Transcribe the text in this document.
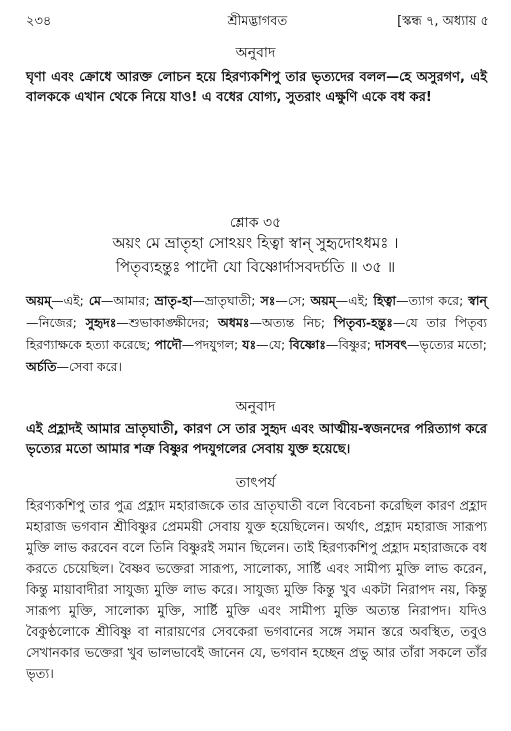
২৩৪	শ্রীমদ্ভাগবত	[স্কন্ধ ৭, অধ্যায় ৫
অনুবাদ
ঘৃণা এবং ক্রোধে আরক্ত লোচন হয়ে হিরণ্যকশিপু তার ভৃত্যদের বলল—হে অসুরগণ, এই বালককে এখান থেকে নিয়ে যাও! এ বধের যোগ্য, সুতরাং এক্ষুণি একে বধ কর!
শ্লোক ৩৫
অয়ং মে ভ্রাতৃহা সোঽয়ং হিত্বা স্বান্ সুহৃদোঽধমঃ ।
পিতৃব্যহন্তুঃ পাদৌ যো বিষ্ণোর্দাসবদর্চতি ॥ ৩৫ ॥
অয়ম্—এই; মে—আমার; ভ্রাতৃ-হা—ভ্রাতৃঘাতী; সঃ—সে; অয়ম্—এই; হিত্বা—ত্যাগ করে; স্বান্—নিজের; সুহৃদঃ—শুভাকাঙ্ক্ষীদের; অধমঃ—অত্যন্ত নিচ; পিতৃব্য-হন্তুঃ—যে তার পিতৃব্য হিরণ্যাক্ষকে হত্যা করেছে; পাদৌ—পদযুগল; যঃ—যে; বিষ্ণোঃ—বিষ্ণুর; দাসবৎ—ভৃত্যের মতো; অর্চতি—সেবা করে।
অনুবাদ
এই প্রহ্লাদই আমার ভ্রাতৃঘাতী, কারণ সে তার সুহৃদ এবং আত্মীয়-স্বজনদের পরিত্যাগ করে ভৃত্যের মতো আমার শত্রু বিষ্ণুর পদযুগলের সেবায় যুক্ত হয়েছে।
তাৎপর্য
হিরণ্যকশিপু তার পুত্র প্রহ্লাদ মহারাজকে তার ভ্রাতৃঘাতী বলে বিবেচনা করেছিল কারণ প্রহ্লাদ মহারাজ ভগবান শ্রীবিষ্ণুর প্রেমময়ী সেবায় যুক্ত হয়েছিলেন। অর্থাৎ, প্রহ্লাদ মহারাজ সারূপ্য মুক্তি লাভ করবেন বলে তিনি বিষ্ণুরই সমান ছিলেন। তাই হিরণ্যকশিপু প্রহ্লাদ মহারাজকে বধ করতে চেয়েছিল। বৈষ্ণব ভক্তেরা সারূপ্য, সালোক্য, সার্ষ্টি এবং সামীপ্য মুক্তি লাভ করেন, কিন্তু মায়াবাদীরা সাযুজ্য মুক্তি লাভ করে। সাযুজ্য মুক্তি কিন্তু খুব একটা নিরাপদ নয়, কিন্তু সারূপ্য মুক্তি, সালোক্য মুক্তি, সার্ষ্টি মুক্তি এবং সামীপ্য মুক্তি অত্যন্ত নিরাপদ। যদিও বৈকুণ্ঠলোকে শ্রীবিষ্ণু বা নারায়ণের সেবকেরা ভগবানের সঙ্গে সমান স্তরে অবস্থিত, তবুও সেখানকার ভক্তেরা খুব ভালভাবেই জানেন যে, ভগবান হচ্ছেন প্রভু আর তাঁরা সকলে তাঁর ভৃত্য।
